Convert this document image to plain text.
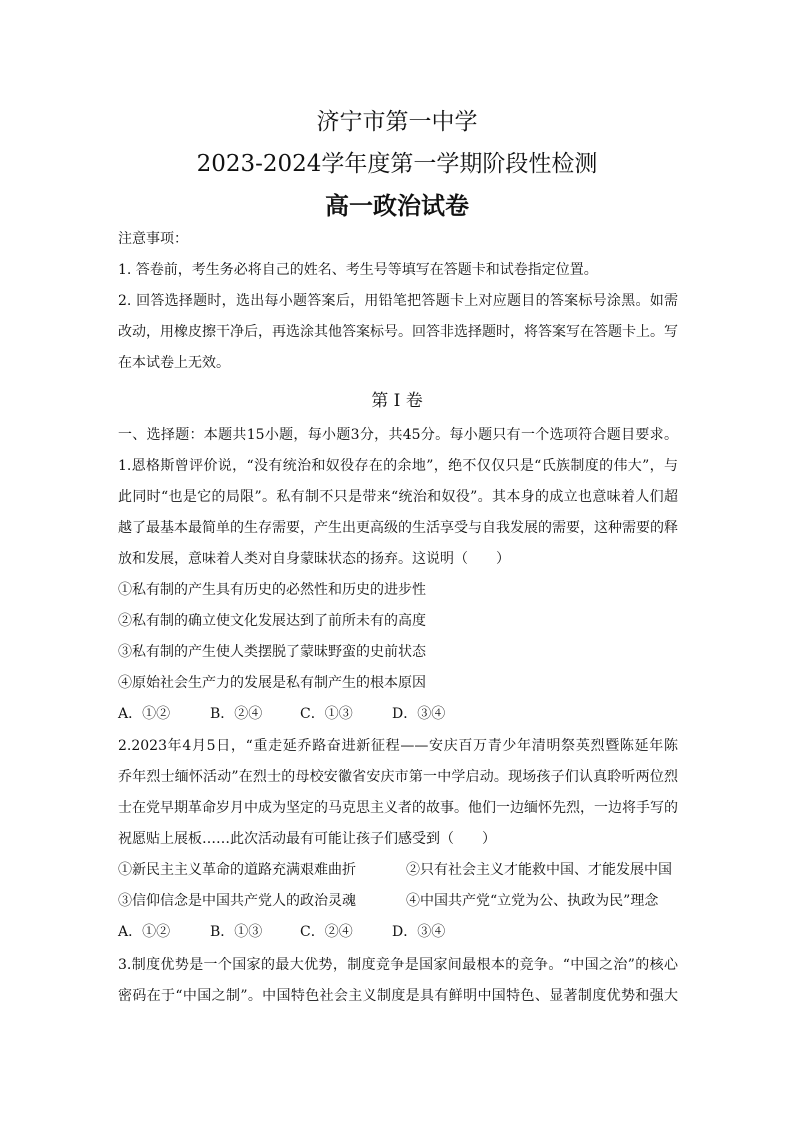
济宁市第一中学
2023-2024学年度第一学期阶段性检测
高一政治试卷
注意事项：
1. 答卷前，考生务必将自己的姓名、考生号等填写在答题卡和试卷指定位置。
2. 回答选择题时，选出每小题答案后，用铅笔把答题卡上对应题目的答案标号涂黑。如需
改动，用橡皮擦干净后，再选涂其他答案标号。回答非选择题时，将答案写在答题卡上。写
在本试卷上无效。
第 I 卷
一、选择题：本题共15小题，每小题3分，共45分。每小题只有一个选项符合题目要求。
1.恩格斯曾评价说，“没有统治和奴役存在的余地”，绝不仅仅只是“氏族制度的伟大”，与
此同时“也是它的局限”。私有制不只是带来“统治和奴役”。其本身的成立也意味着人们超
越了最基本最简单的生存需要，产生出更高级的生活享受与自我发展的需要，这种需要的释
放和发展，意味着人类对自身蒙昧状态的扬弃。这说明（　　）
①私有制的产生具有历史的必然性和历史的进步性
②私有制的确立使文化发展达到了前所未有的高度
③私有制的产生使人类摆脱了蒙昧野蛮的史前状态
④原始社会生产力的发展是私有制产生的根本原因
A．①②	B．②④	C．①③	D．③④
2.2023年4月5日，“重走延乔路奋进新征程——安庆百万青少年清明祭英烈暨陈延年陈
乔年烈士缅怀活动”在烈士的母校安徽省安庆市第一中学启动。现场孩子们认真聆听两位烈
士在党早期革命岁月中成为坚定的马克思主义者的故事。他们一边缅怀先烈，一边将手写的
祝愿贴上展板……此次活动最有可能让孩子们感受到（　　）
①新民主主义革命的道路充满艰难曲折	②只有社会主义才能救中国、才能发展中国
③信仰信念是中国共产党人的政治灵魂	④中国共产党“立党为公、执政为民”理念
A．①②	B．①③	C．②④	D．③④
3.制度优势是一个国家的最大优势，制度竞争是国家间最根本的竞争。“中国之治”的核心
密码在于“中国之制”。中国特色社会主义制度是具有鲜明中国特色、显著制度优势和强大
